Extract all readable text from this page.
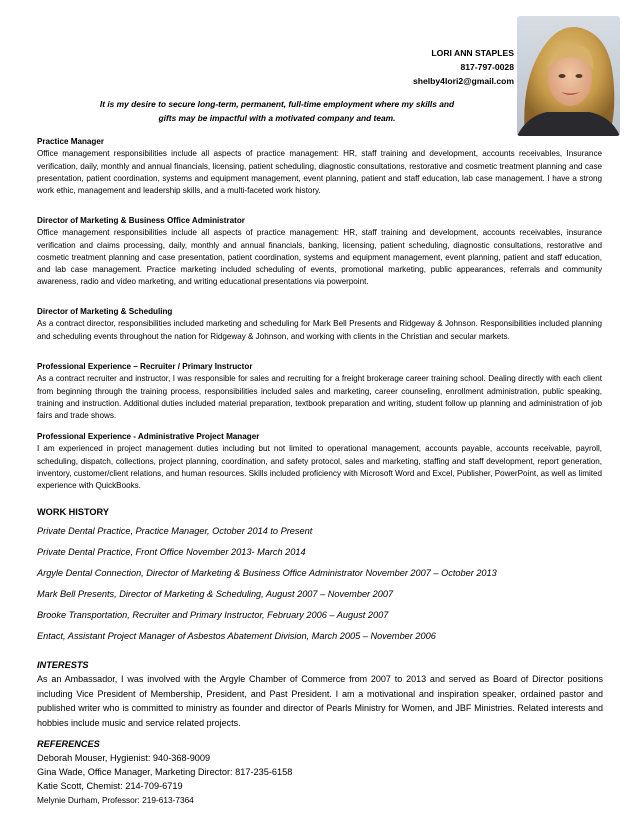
LORI ANN STAPLES
817-797-0028
shelby4lori2@gmail.com
It is my desire to secure long-term, permanent, full-time employment where my skills and gifts may be impactful with a motivated company and team.

Practice Manager

Office management responsibilities include all aspects of practice management: HR, staff training and development, accounts receivables, Insurance verification, daily, monthly and annual financials, licensing, patient scheduling, diagnostic consultations, restorative and cosmetic treatment planning and case presentation, patient coordination, systems and equipment management, event planning, patient and staff education, lab case management. I have a strong work ethic, management and leadership skills, and a multi-faceted work history.

Director of Marketing & Business Office Administrator

Office management responsibilities include all aspects of practice management: HR, staff training and development, accounts receivables, insurance verification and claims processing, daily, monthly and annual financials, banking, licensing, patient scheduling, diagnostic consultations, restorative and cosmetic treatment planning and case presentation, patient coordination, systems and equipment management, event planning, patient and staff education, and lab case management. Practice marketing included scheduling of events, promotional marketing, public appearances, referrals and community awareness, radio and video marketing, and writing educational presentations via powerpoint.

Director of Marketing & Scheduling

As a contract director, responsibilities included marketing and scheduling for Mark Bell Presents and Ridgeway & Johnson. Responsibilities included planning and scheduling events throughout the nation for Ridgeway & Johnson, and working with clients in the Christian and secular markets.

Professional Experience – Recruiter / Primary Instructor

As a contract recruiter and instructor, I was responsible for sales and recruiting for a freight brokerage career training school. Dealing directly with each client from beginning through the training process, responsibilities included sales and marketing, career counseling, enrollment administration, public speaking, training and instruction. Additional duties included material preparation, textbook preparation and writing, student follow up planning and administration of job fairs and trade shows.

Professional Experience - Administrative Project Manager

I am experienced in project management duties including but not limited to operational management, accounts payable, accounts receivable, payroll, scheduling, dispatch, collections, project planning, coordination, and safety protocol, sales and marketing, staffing and staff development, report generation, inventory, customer/client relations, and human resources. Skills included proficiency with Microsoft Word and Excel, Publisher, PowerPoint, as well as limited experience with QuickBooks.

WORK HISTORY

Private Dental Practice, Practice Manager, October 2014 to Present

Private Dental Practice, Front Office November 2013- March 2014

Argyle Dental Connection, Director of Marketing & Business Office Administrator November 2007 – October 2013

Mark Bell Presents, Director of Marketing & Scheduling, August 2007 – November 2007

Brooke Transportation, Recruiter and Primary Instructor, February 2006 – August 2007

Entact, Assistant Project Manager of Asbestos Abatement Division, March 2005 – November 2006

INTERESTS

As an Ambassador, I was involved with the Argyle Chamber of Commerce from 2007 to 2013 and served as Board of Director positions including Vice President of Membership, President, and Past President. I am a motivational and inspiration speaker, ordained pastor and published writer who is committed to ministry as founder and director of Pearls Ministry for Women, and JBF Ministries. Related interests and hobbies include music and service related projects.

REFERENCES

Deborah Mouser, Hygienist: 940-368-9009

Gina Wade, Office Manager, Marketing Director: 817-235-6158

Katie Scott, Chemist: 214-709-6719

Melynie Durham, Professor: 219-613-7364
